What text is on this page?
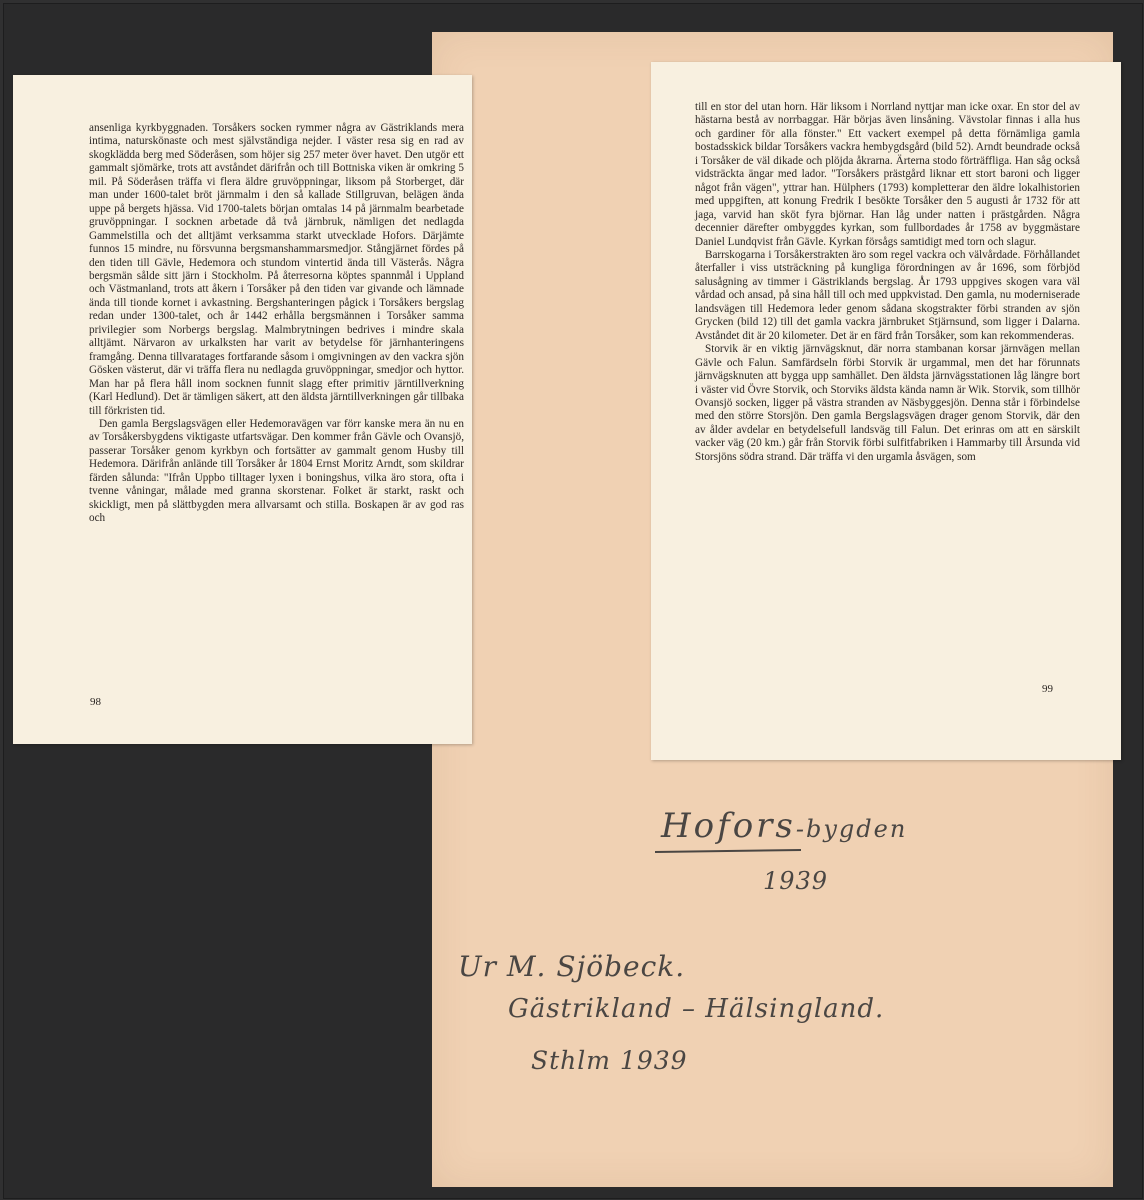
ansenliga kyrkbyggnaden. Torsåkers socken rymmer några av Gästriklands mera intima, naturskönaste och mest självständiga nejder. I väster resa sig en rad av skogklädda berg med Söderåsen, som höjer sig 257 meter över havet. Den utgör ett gammalt sjömärke, trots att avståndet därifrån och till Bottniska viken är omkring 5 mil. På Söderåsen träffa vi flera äldre gruvöppningar, liksom på Storberget, där man under 1600-talet bröt järnmalm i den så kallade Stillgruvan, belägen ända uppe på bergets hjässa. Vid 1700-talets början omtalas 14 på järnmalm bearbetade gruvöppningar. I socknen arbetade då två järnbruk, nämligen det nedlagda Gammelstilla och det alltjämt verksamma starkt utvecklade Hofors. Därjämte funnos 15 mindre, nu försvunna bergsmanshammarsmedjor. Stångjärnet fördes på den tiden till Gävle, Hedemora och stundom vintertid ända till Västerås. Några bergsmän sålde sitt järn i Stockholm. På återresorna köptes spannmål i Uppland och Västmanland, trots att åkern i Torsåker på den tiden var givande och lämnade ända till tionde kornet i avkastning. Bergshanteringen pågick i Torsåkers bergslag redan under 1300-talet, och år 1442 erhålla bergsmännen i Torsåker samma privilegier som Norbergs bergslag. Malmbrytningen bedrives i mindre skala alltjämt. Närvaron av urkalksten har varit av betydelse för järnhanteringens framgång. Denna tillvaratages fortfarande såsom i omgivningen av den vackra sjön Gösken västerut, där vi träffa flera nu nedlagda gruvöppningar, smedjor och hyttor. Man har på flera håll inom socknen funnit slagg efter primitiv järntillverkning (Karl Hedlund). Det är tämligen säkert, att den äldsta järntillverkningen går tillbaka till förkristen tid.

Den gamla Bergslagsvägen eller Hedemoravägen var förr kanske mera än nu en av Torsåkersbygdens viktigaste utfartsvägar. Den kommer från Gävle och Ovansjö, passerar Torsåker genom kyrkbyn och fortsätter av gammalt genom Husby till Hedemora. Därifrån anlände till Torsåker år 1804 Ernst Moritz Arndt, som skildrar färden sålunda: "Ifrån Uppbo tilltager lyxen i boningshus, vilka äro stora, ofta i tvenne våningar, målade med granna skorstenar. Folket är starkt, raskt och skickligt, men på slättbygden mera allvarsamt och stilla. Boskapen är av god ras och

98

till en stor del utan horn. Här liksom i Norrland nyttjar man icke oxar. En stor del av hästarna bestå av norrbaggar. Här börjas även linsåning. Vävstolar finnas i alla hus och gardiner för alla fönster." Ett vackert exempel på detta förnämliga gamla bostadsskick bildar Torsåkers vackra hembygdsgård (bild 52). Arndt beundrade också i Torsåker de väl dikade och plöjda åkrarna. Ärterna stodo förträffliga. Han såg också vidsträckta ängar med lador. "Torsåkers prästgård liknar ett stort baroni och ligger något från vägen", yttrar han. Hülphers (1793) kompletterar den äldre lokalhistorien med uppgiften, att konung Fredrik I besökte Torsåker den 5 augusti år 1732 för att jaga, varvid han sköt fyra björnar. Han låg under natten i prästgården. Några decennier därefter ombyggdes kyrkan, som fullbordades år 1758 av byggmästare Daniel Lundqvist från Gävle. Kyrkan försågs samtidigt med torn och slagur.

Barrskogarna i Torsåkerstrakten äro som regel vackra och välvårdade. Förhållandet återfaller i viss utsträckning på kungliga förordningen av år 1696, som förbjöd salusågning av timmer i Gästriklands bergslag. År 1793 uppgives skogen vara väl vårdad och ansad, på sina håll till och med uppkvistad. Den gamla, nu moderniserade landsvägen till Hedemora leder genom sådana skogstrakter förbi stranden av sjön Grycken (bild 12) till det gamla vackra järnbruket Stjärnsund, som ligger i Dalarna. Avståndet dit är 20 kilometer. Det är en färd från Torsåker, som kan rekommenderas.

Storvik är en viktig järnvägsknut, där norra stambanan korsar järnvägen mellan Gävle och Falun. Samfärdseln förbi Storvik är urgammal, men det har förunnats järnvägsknuten att bygga upp samhället. Den äldsta järnvägsstationen låg längre bort i väster vid Övre Storvik, och Storviks äldsta kända namn är Wik. Storvik, som tillhör Ovansjö socken, ligger på västra stranden av Näsbyggesjön. Denna står i förbindelse med den större Storsjön. Den gamla Bergslagsvägen drager genom Storvik, där den av ålder avdelar en betydelsefull landsväg till Falun. Det erinras om att en särskilt vacker väg (20 km.) går från Storvik förbi sulfitfabriken i Hammarby till Årsunda vid Storsjöns södra strand. Där träffa vi den urgamla åsvägen, som

99
Hofors-bygden
1939
Ur M. Sjöbeck.
Gästrikland – Hälsingland.
Sthlm 1939
